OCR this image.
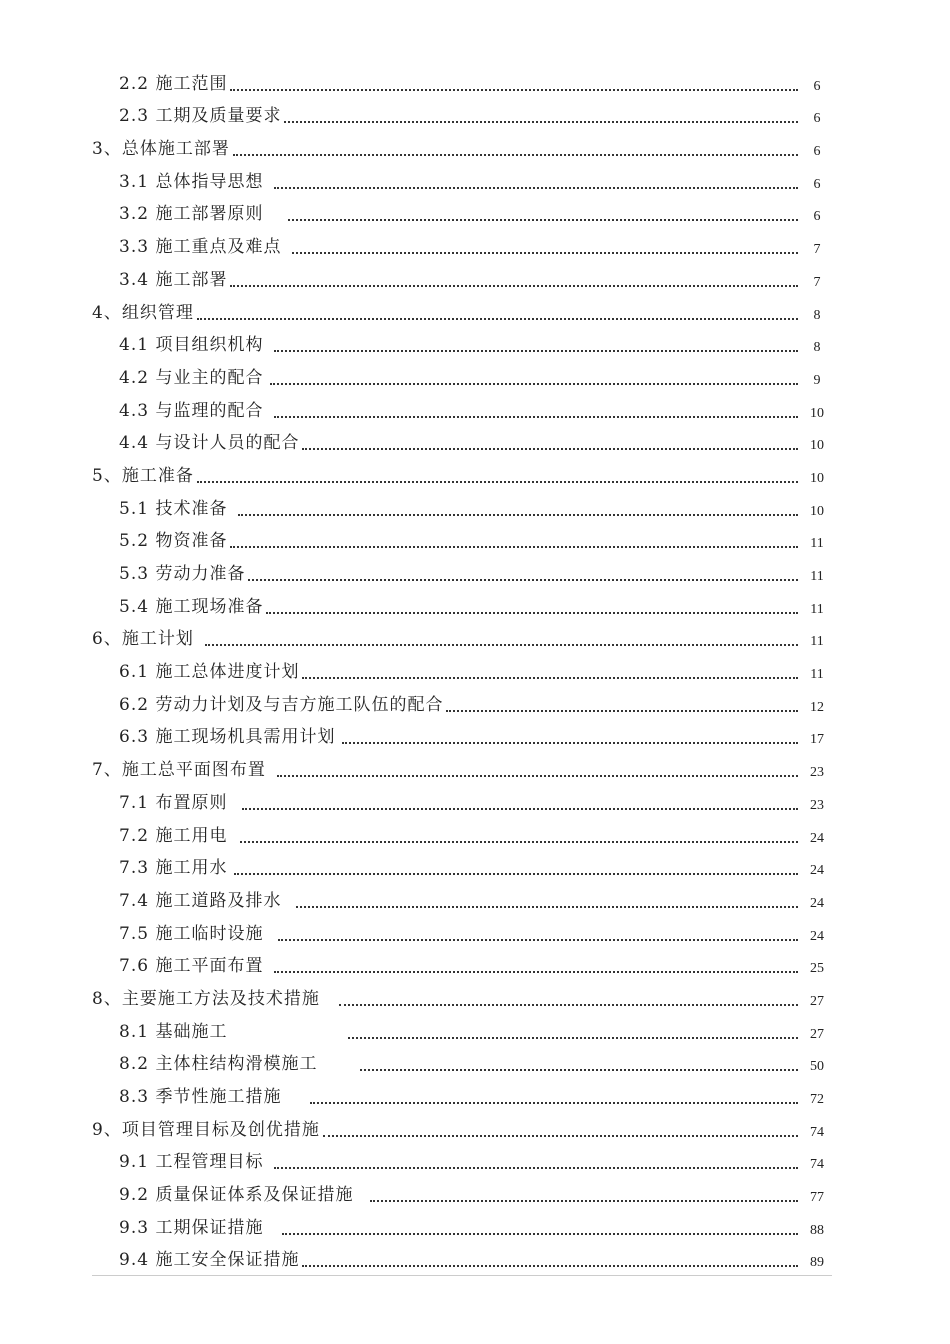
2.2 施工范围	6
2.3 工期及质量要求	6
3、总体施工部署	6
3.1 总体指导思想	6
3.2 施工部署原则	6
3.3 施工重点及难点	7
3.4 施工部署	7
4、组织管理	8
4.1 项目组织机构	8
4.2 与业主的配合	9
4.3 与监理的配合	10
4.4 与设计人员的配合	10
5、施工准备	10
5.1 技术准备	10
5.2 物资准备	11
5.3 劳动力准备	11
5.4 施工现场准备	11
6、施工计划	11
6.1 施工总体进度计划	11
6.2 劳动力计划及与吉方施工队伍的配合	12
6.3 施工现场机具需用计划	17
7、施工总平面图布置	23
7.1 布置原则	23
7.2 施工用电	24
7.3 施工用水	24
7.4 施工道路及排水	24
7.5 施工临时设施	24
7.6 施工平面布置	25
8、主要施工方法及技术措施	27
8.1 基础施工	27
8.2 主体柱结构滑模施工	50
8.3 季节性施工措施	72
9、项目管理目标及创优措施	74
9.1 工程管理目标	74
9.2 质量保证体系及保证措施	77
9.3 工期保证措施	88
9.4 施工安全保证措施	89
